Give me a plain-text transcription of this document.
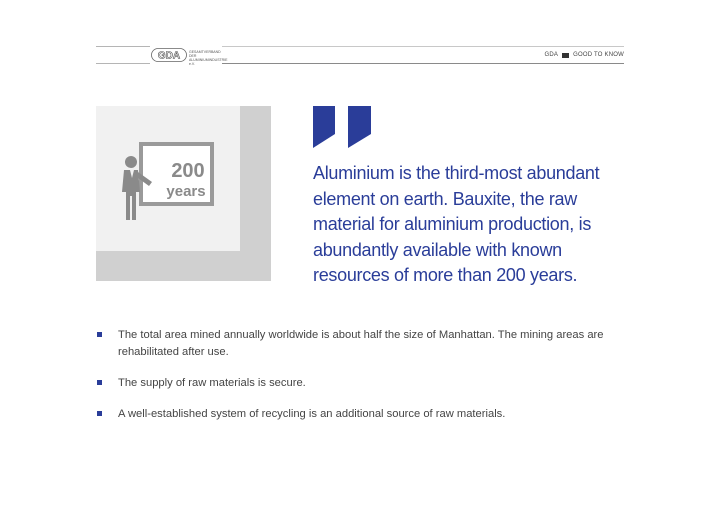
GDA	GESAMTVERBAND DER
ALUMINIUMINDUSTRIE e.V.
GDA	GOOD TO KNOW
200
years
Aluminium is the third-most abundant element on earth. Bauxite, the raw material for aluminium production, is abundantly available with known resources of more than 200 years.
The total area mined annually worldwide is about half the size of Manhattan. The mining areas are rehabilitated after use.
The supply of raw materials is secure.
A well-established system of recycling is an additional source of raw materials.
